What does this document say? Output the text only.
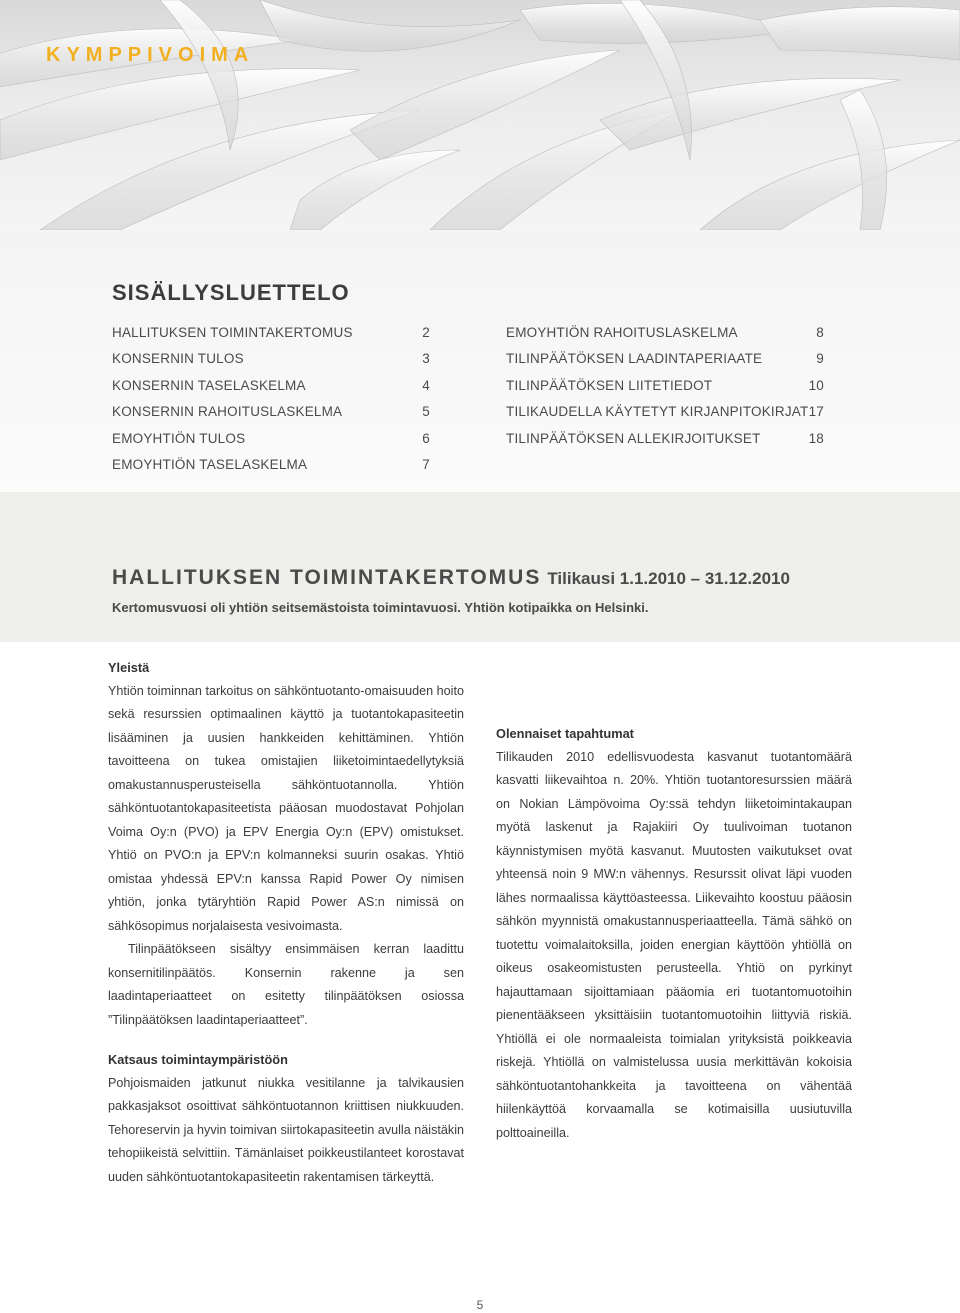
KYMPPIVOIMA
SISÄLLYSLUETTELO
HALLITUKSEN TOIMINTAKERTOMUS	2
KONSERNIN TULOS	3
KONSERNIN TASELASKELMA	4
KONSERNIN RAHOITUSLASKELMA	5
EMOYHTIÖN TULOS	6
EMOYHTIÖN TASELASKELMA	7
EMOYHTIÖN RAHOITUSLASKELMA	8
TILINPÄÄTÖKSEN LAADINTAPERIAATE	9
TILINPÄÄTÖKSEN LIITETIEDOT	10
TILIKAUDELLA KÄYTETYT KIRJANPITOKIRJAT 17
TILINPÄÄTÖKSEN ALLEKIRJOITUKSET	18
HALLITUKSEN TOIMINTAKERTOMUS Tilikausi 1.1.2010 – 31.12.2010
Kertomusvuosi oli yhtiön seitsemästoista toimintavuosi. Yhtiön kotipaikka on Helsinki.
Yleistä

Yhtiön toiminnan tarkoitus on sähköntuotanto-omaisuuden hoito sekä resurssien optimaalinen käyttö ja tuotantokapasiteetin lisääminen ja uusien hankkeiden kehittäminen. Yhtiön tavoitteena on tukea omistajien liiketoimintaedellytyksiä omakustannusperusteisella sähköntuotannolla. Yhtiön sähköntuotantokapasiteetista pääosan muodostavat Pohjolan Voima Oy:n (PVO) ja EPV Energia Oy:n (EPV) omistukset. Yhtiö on PVO:n ja EPV:n kolmanneksi suurin osakas. Yhtiö omistaa yhdessä EPV:n kanssa Rapid Power Oy nimisen yhtiön, jonka tytäryhtiön Rapid Power AS:n nimissä on sähkösopimus norjalaisesta vesivoimasta.

Tilinpäätökseen sisältyy ensimmäisen kerran laadittu konsernitilinpäätös. Konsernin rakenne ja sen laadintaperiaatteet on esitetty tilinpäätöksen osiossa ”Tilinpäätöksen laadintaperiaatteet”.

Katsaus toimintaympäristöön

Pohjoismaiden jatkunut niukka vesitilanne ja talvikausien pakkasjaksot osoittivat sähköntuotannon kriittisen niukkuuden. Tehoreservin ja hyvin toimivan siirtokapasiteetin avulla näistäkin tehopiikeistä selvittiin. Tämänlaiset poikkeustilanteet korostavat uuden sähköntuotantokapasiteetin rakentamisen tärkeyttä.

Olennaiset tapahtumat

Tilikauden 2010 edellisvuodesta kasvanut tuotantomäärä kasvatti liikevaihtoa n. 20%. Yhtiön tuotantoresurssien määrä on Nokian Lämpövoima Oy:ssä tehdyn liiketoimintakaupan myötä laskenut ja Rajakiiri Oy tuulivoiman tuotanon käynnistymisen myötä kasvanut. Muutosten vaikutukset ovat yhteensä noin 9 MW:n vähennys. Resurssit olivat läpi vuoden lähes normaalissa käyttöasteessa. Liikevaihto koostuu pääosin sähkön myynnistä omakustannusperiaatteella. Tämä sähkö on tuotettu voimalaitoksilla, joiden energian käyttöön yhtiöllä on oikeus osakeomistusten perusteella. Yhtiö on pyrkinyt hajauttamaan sijoittamiaan pääomia eri tuotantomuotoihin pienentääkseen yksittäisiin tuotantomuotoihin liittyviä riskiä. Yhtiöllä ei ole normaaleista toimialan yrityksistä poikkeavia riskejä. Yhtiöllä on valmistelussa uusia merkittävän kokoisia sähköntuotantohankkeita ja tavoitteena on vähentää hiilenkäyttöä korvaamalla se kotimaisilla uusiutuvilla polttoaineilla.

5
